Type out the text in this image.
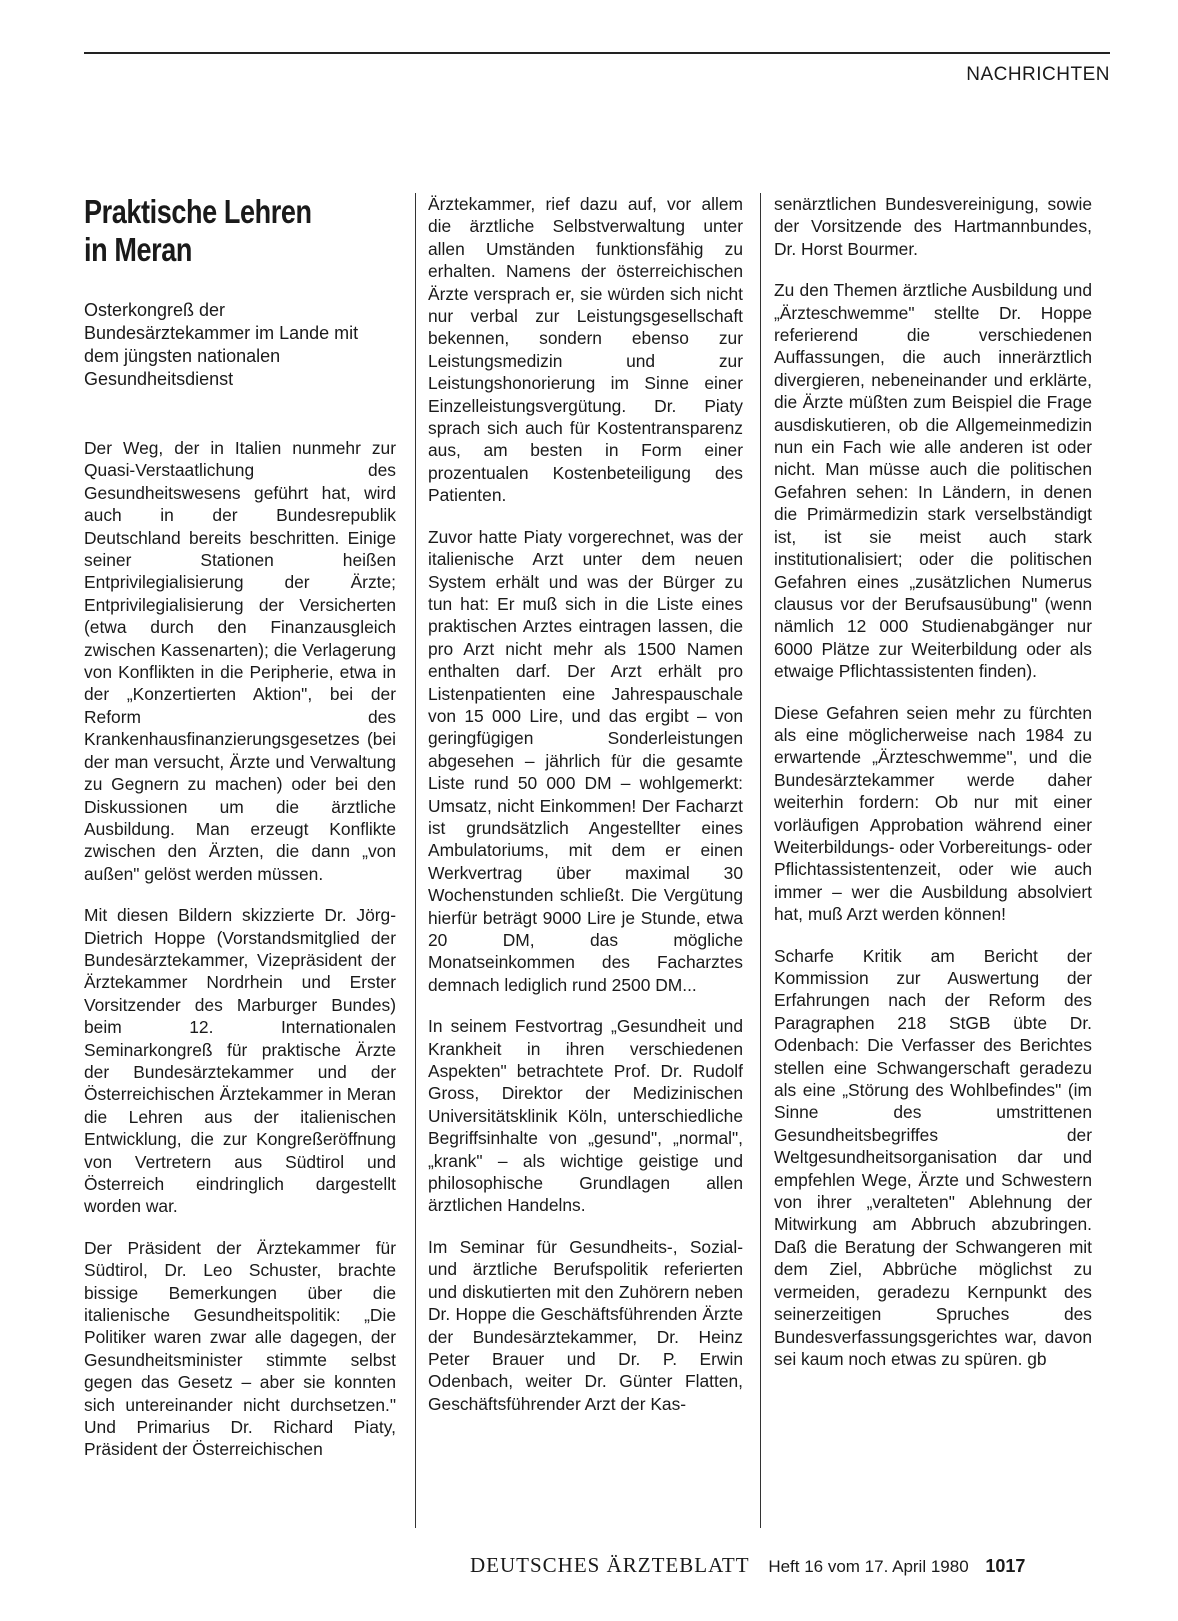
NACHRICHTEN
Praktische Lehren
in Meran

Osterkongreß der Bundesärztekammer im Lande mit dem jüngsten nationalen Gesundheitsdienst

Der Weg, der in Italien nunmehr zur Quasi-Verstaatlichung des Gesundheitswesens geführt hat, wird auch in der Bundesrepublik Deutschland bereits beschritten. Einige seiner Stationen heißen Entprivilegialisierung der Ärzte; Entprivilegialisierung der Versicherten (etwa durch den Finanzausgleich zwischen Kassenarten); die Verlagerung von Konflikten in die Peripherie, etwa in der „Konzertierten Aktion", bei der Reform des Krankenhausfinanzierungsgesetzes (bei der man versucht, Ärzte und Verwaltung zu Gegnern zu machen) oder bei den Diskussionen um die ärztliche Ausbildung. Man erzeugt Konflikte zwischen den Ärzten, die dann „von außen" gelöst werden müssen.

Mit diesen Bildern skizzierte Dr. Jörg-Dietrich Hoppe (Vorstandsmitglied der Bundesärztekammer, Vizepräsident der Ärztekammer Nordrhein und Erster Vorsitzender des Marburger Bundes) beim 12. Internationalen Seminarkongreß für praktische Ärzte der Bundesärztekammer und der Österreichischen Ärztekammer in Meran die Lehren aus der italienischen Entwicklung, die zur Kongreßeröffnung von Vertretern aus Südtirol und Österreich eindringlich dargestellt worden war.

Der Präsident der Ärztekammer für Südtirol, Dr. Leo Schuster, brachte bissige Bemerkungen über die italienische Gesundheitspolitik: „Die Politiker waren zwar alle dagegen, der Gesundheitsminister stimmte selbst gegen das Gesetz – aber sie konnten sich untereinander nicht durchsetzen." Und Primarius Dr. Richard Piaty, Präsident der Österreichischen

Ärztekammer, rief dazu auf, vor allem die ärztliche Selbstverwaltung unter allen Umständen funktionsfähig zu erhalten. Namens der österreichischen Ärzte versprach er, sie würden sich nicht nur verbal zur Leistungsgesellschaft bekennen, sondern ebenso zur Leistungsmedizin und zur Leistungshonorierung im Sinne einer Einzelleistungsvergütung. Dr. Piaty sprach sich auch für Kostentransparenz aus, am besten in Form einer prozentualen Kostenbeteiligung des Patienten.

Zuvor hatte Piaty vorgerechnet, was der italienische Arzt unter dem neuen System erhält und was der Bürger zu tun hat: Er muß sich in die Liste eines praktischen Arztes eintragen lassen, die pro Arzt nicht mehr als 1500 Namen enthalten darf. Der Arzt erhält pro Listenpatienten eine Jahrespauschale von 15 000 Lire, und das ergibt – von geringfügigen Sonderleistungen abgesehen – jährlich für die gesamte Liste rund 50 000 DM – wohlgemerkt: Umsatz, nicht Einkommen! Der Facharzt ist grundsätzlich Angestellter eines Ambulatoriums, mit dem er einen Werkvertrag über maximal 30 Wochenstunden schließt. Die Vergütung hierfür beträgt 9000 Lire je Stunde, etwa 20 DM, das mögliche Monatseinkommen des Facharztes demnach lediglich rund 2500 DM...

In seinem Festvortrag „Gesundheit und Krankheit in ihren verschiedenen Aspekten" betrachtete Prof. Dr. Rudolf Gross, Direktor der Medizinischen Universitätsklinik Köln, unterschiedliche Begriffsinhalte von „gesund", „normal", „krank" – als wichtige geistige und philosophische Grundlagen allen ärztlichen Handelns.

Im Seminar für Gesundheits-, Sozial- und ärztliche Berufspolitik referierten und diskutierten mit den Zuhörern neben Dr. Hoppe die Geschäftsführenden Ärzte der Bundesärztekammer, Dr. Heinz Peter Brauer und Dr. P. Erwin Odenbach, weiter Dr. Günter Flatten, Geschäftsführender Arzt der Kas-

senärztlichen Bundesvereinigung, sowie der Vorsitzende des Hartmannbundes, Dr. Horst Bourmer.

Zu den Themen ärztliche Ausbildung und „Ärzteschwemme" stellte Dr. Hoppe referierend die verschiedenen Auffassungen, die auch innerärztlich divergieren, nebeneinander und erklärte, die Ärzte müßten zum Beispiel die Frage ausdiskutieren, ob die Allgemeinmedizin nun ein Fach wie alle anderen ist oder nicht. Man müsse auch die politischen Gefahren sehen: In Ländern, in denen die Primärmedizin stark verselbständigt ist, ist sie meist auch stark institutionalisiert; oder die politischen Gefahren eines „zusätzlichen Numerus clausus vor der Berufsausübung" (wenn nämlich 12 000 Studienabgänger nur 6000 Plätze zur Weiterbildung oder als etwaige Pflichtassistenten finden).

Diese Gefahren seien mehr zu fürchten als eine möglicherweise nach 1984 zu erwartende „Ärzteschwemme", und die Bundesärztekammer werde daher weiterhin fordern: Ob nur mit einer vorläufigen Approbation während einer Weiterbildungs- oder Vorbereitungs- oder Pflichtassistentenzeit, oder wie auch immer – wer die Ausbildung absolviert hat, muß Arzt werden können!

Scharfe Kritik am Bericht der Kommission zur Auswertung der Erfahrungen nach der Reform des Paragraphen 218 StGB übte Dr. Odenbach: Die Verfasser des Berichtes stellen eine Schwangerschaft geradezu als eine „Störung des Wohlbefindes" (im Sinne des umstrittenen Gesundheitsbegriffes der Weltgesundheitsorganisation dar und empfehlen Wege, Ärzte und Schwestern von ihrer „veralteten" Ablehnung der Mitwirkung am Abbruch abzubringen. Daß die Beratung der Schwangeren mit dem Ziel, Abbrüche möglichst zu vermeiden, geradezu Kernpunkt des seinerzeitigen Spruches des Bundesverfassungsgerichtes war, davon sei kaum noch etwas zu spüren. gb

DEUTSCHES ÄRZTEBLATT Heft 16 vom 17. April 1980 1017
